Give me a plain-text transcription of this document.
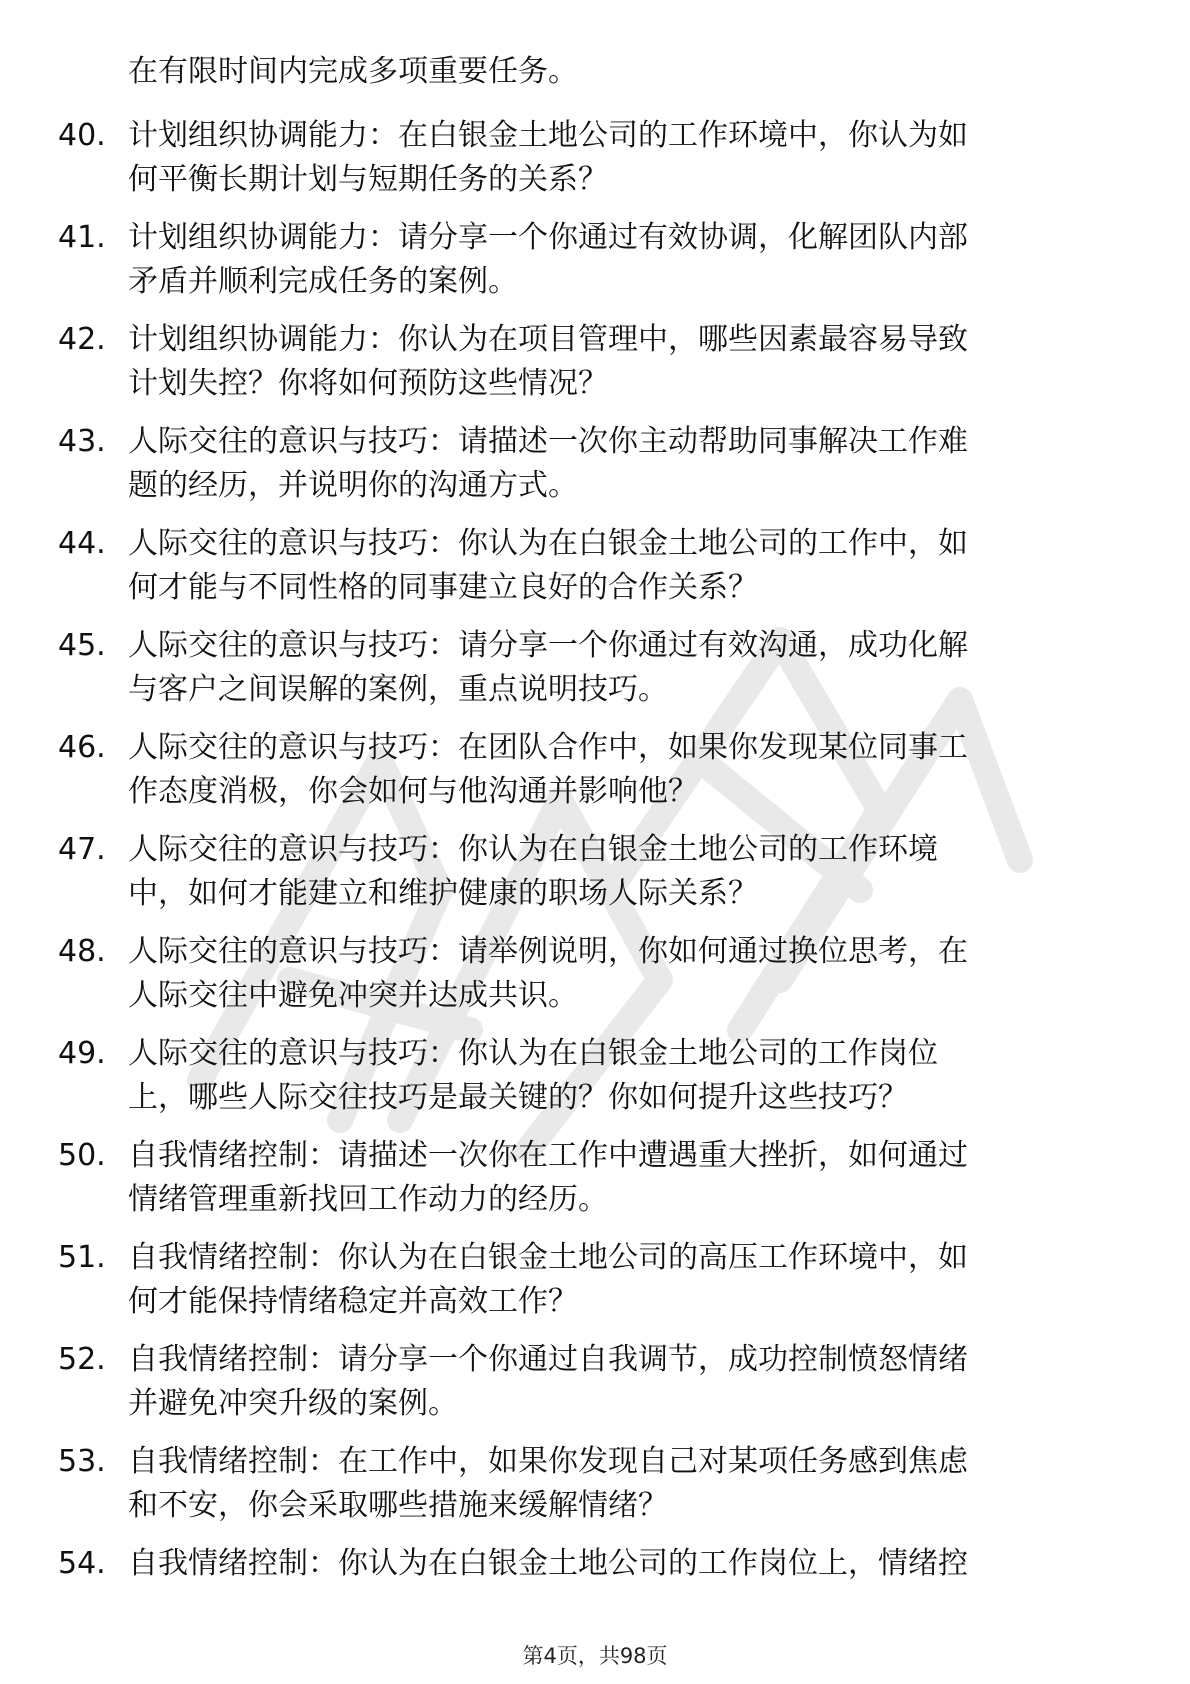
在有限时间内完成多项重要任务。
40. 计划组织协调能力：在白银金土地公司的工作环境中，你认为如
何平衡长期计划与短期任务的关系？
41. 计划组织协调能力：请分享一个你通过有效协调，化解团队内部
矛盾并顺利完成任务的案例。
42. 计划组织协调能力：你认为在项目管理中，哪些因素最容易导致
计划失控？你将如何预防这些情况？
43. 人际交往的意识与技巧：请描述一次你主动帮助同事解决工作难
题的经历，并说明你的沟通方式。
44. 人际交往的意识与技巧：你认为在白银金土地公司的工作中，如
何才能与不同性格的同事建立良好的合作关系？
45. 人际交往的意识与技巧：请分享一个你通过有效沟通，成功化解
与客户之间误解的案例，重点说明技巧。
46. 人际交往的意识与技巧：在团队合作中，如果你发现某位同事工
作态度消极，你会如何与他沟通并影响他？
47. 人际交往的意识与技巧：你认为在白银金土地公司的工作环境
中，如何才能建立和维护健康的职场人际关系？
48. 人际交往的意识与技巧：请举例说明，你如何通过换位思考，在
人际交往中避免冲突并达成共识。
49. 人际交往的意识与技巧：你认为在白银金土地公司的工作岗位
上，哪些人际交往技巧是最关键的？你如何提升这些技巧？
50. 自我情绪控制：请描述一次你在工作中遭遇重大挫折，如何通过
情绪管理重新找回工作动力的经历。
51. 自我情绪控制：你认为在白银金土地公司的高压工作环境中，如
何才能保持情绪稳定并高效工作？
52. 自我情绪控制：请分享一个你通过自我调节，成功控制愤怒情绪
并避免冲突升级的案例。
53. 自我情绪控制：在工作中，如果你发现自己对某项任务感到焦虑
和不安，你会采取哪些措施来缓解情绪？
54. 自我情绪控制：你认为在白银金土地公司的工作岗位上，情绪控
第4页，共98页
